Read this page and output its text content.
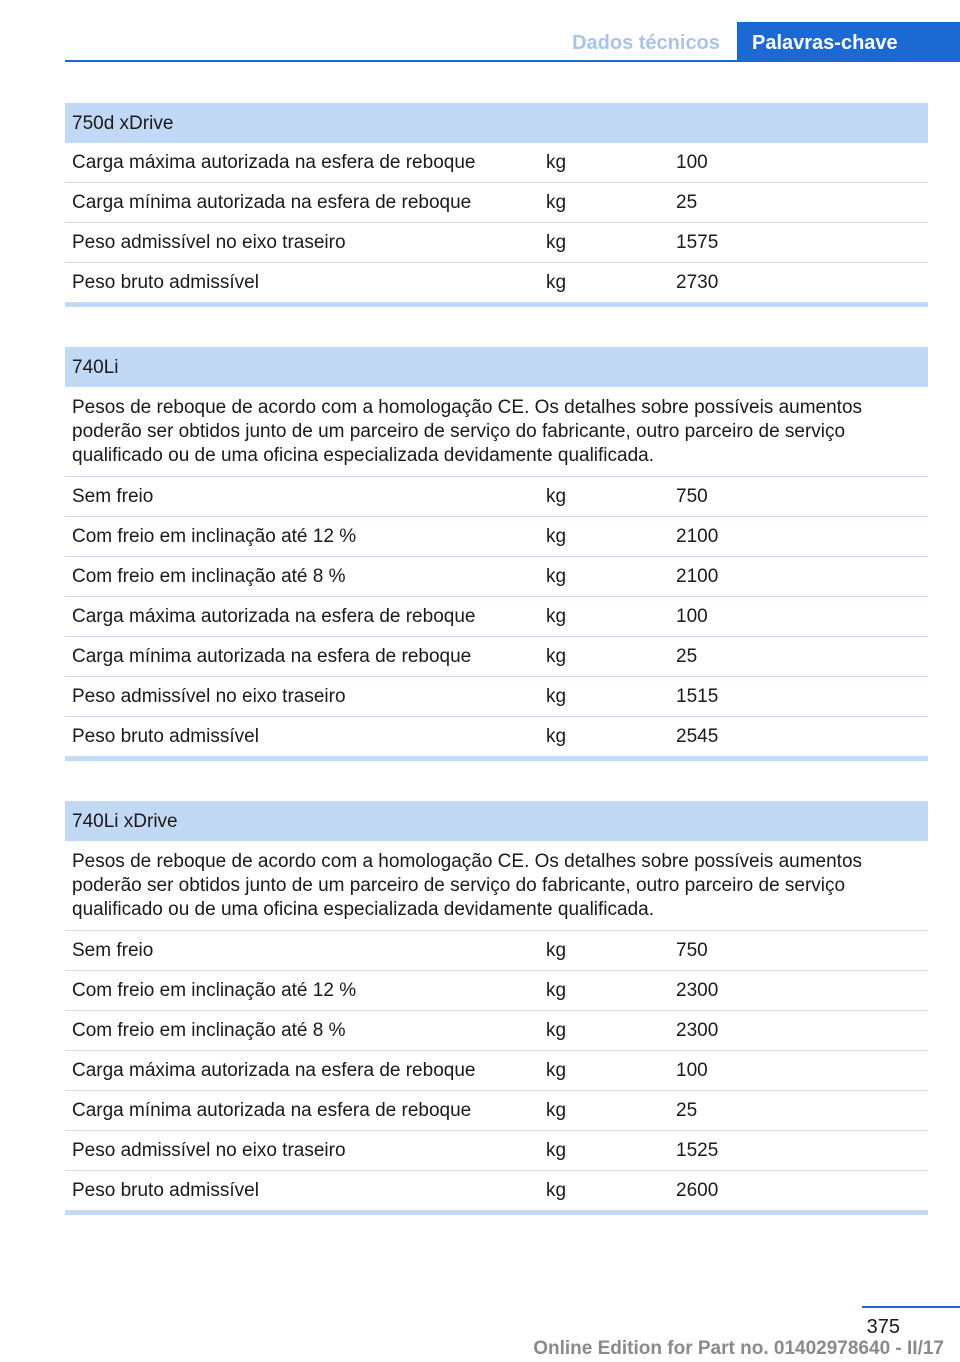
Dados técnicos	Palavras-chave
750d xDrive
Carga máxima autorizada na esfera de reboque	kg	100
Carga mínima autorizada na esfera de reboque	kg	25
Peso admissível no eixo traseiro	kg	1575
Peso bruto admissível	kg	2730
740Li
Pesos de reboque de acordo com a homologação CE. Os detalhes sobre possíveis aumentos poderão ser obtidos junto de um parceiro de serviço do fabricante, outro parceiro de serviço qualificado ou de uma oficina especializada devidamente qualificada.
Sem freio	kg	750
Com freio em inclinação até 12 %	kg	2100
Com freio em inclinação até 8 %	kg	2100
Carga máxima autorizada na esfera de reboque	kg	100
Carga mínima autorizada na esfera de reboque	kg	25
Peso admissível no eixo traseiro	kg	1515
Peso bruto admissível	kg	2545
740Li xDrive
Pesos de reboque de acordo com a homologação CE. Os detalhes sobre possíveis aumentos poderão ser obtidos junto de um parceiro de serviço do fabricante, outro parceiro de serviço qualificado ou de uma oficina especializada devidamente qualificada.
Sem freio	kg	750
Com freio em inclinação até 12 %	kg	2300
Com freio em inclinação até 8 %	kg	2300
Carga máxima autorizada na esfera de reboque	kg	100
Carga mínima autorizada na esfera de reboque	kg	25
Peso admissível no eixo traseiro	kg	1525
Peso bruto admissível	kg	2600
375
Online Edition for Part no. 01402978640 - II/17
